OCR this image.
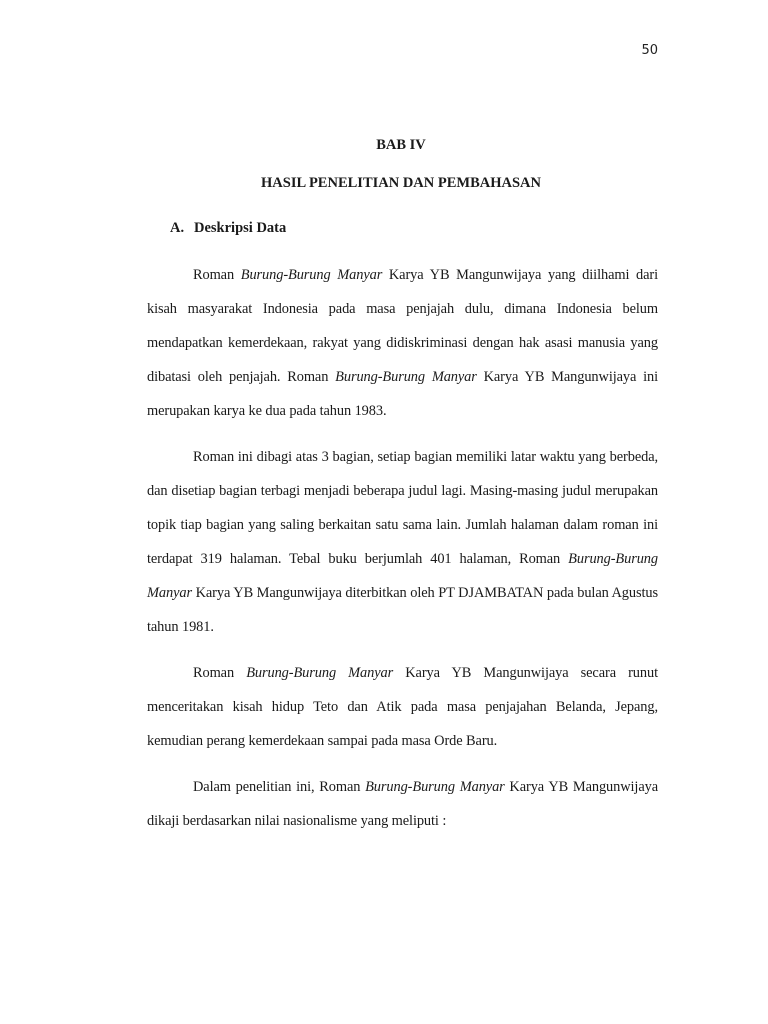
50
BAB IV
HASIL PENELITIAN DAN PEMBAHASAN
A. Deskripsi Data

Roman Burung-Burung Manyar Karya YB Mangunwijaya yang diilhami dari kisah masyarakat Indonesia pada masa penjajah dulu, dimana Indonesia belum mendapatkan kemerdekaan, rakyat yang didiskriminasi dengan hak asasi manusia yang dibatasi oleh penjajah. Roman Burung-Burung Manyar Karya YB Mangunwijaya ini merupakan karya ke dua pada tahun 1983.

Roman ini dibagi atas 3 bagian, setiap bagian memiliki latar waktu yang berbeda, dan disetiap bagian terbagi menjadi beberapa judul lagi. Masing-masing judul merupakan topik tiap bagian yang saling berkaitan satu sama lain. Jumlah halaman dalam roman ini terdapat 319 halaman. Tebal buku berjumlah 401 halaman, Roman Burung-Burung Manyar Karya YB Mangunwijaya diterbitkan oleh PT DJAMBATAN pada bulan Agustus tahun 1981.

Roman Burung-Burung Manyar Karya YB Mangunwijaya secara runut menceritakan kisah hidup Teto dan Atik pada masa penjajahan Belanda, Jepang, kemudian perang kemerdekaan sampai pada masa Orde Baru.

Dalam penelitian ini, Roman Burung-Burung Manyar Karya YB Mangunwijaya dikaji berdasarkan nilai nasionalisme yang meliputi :
